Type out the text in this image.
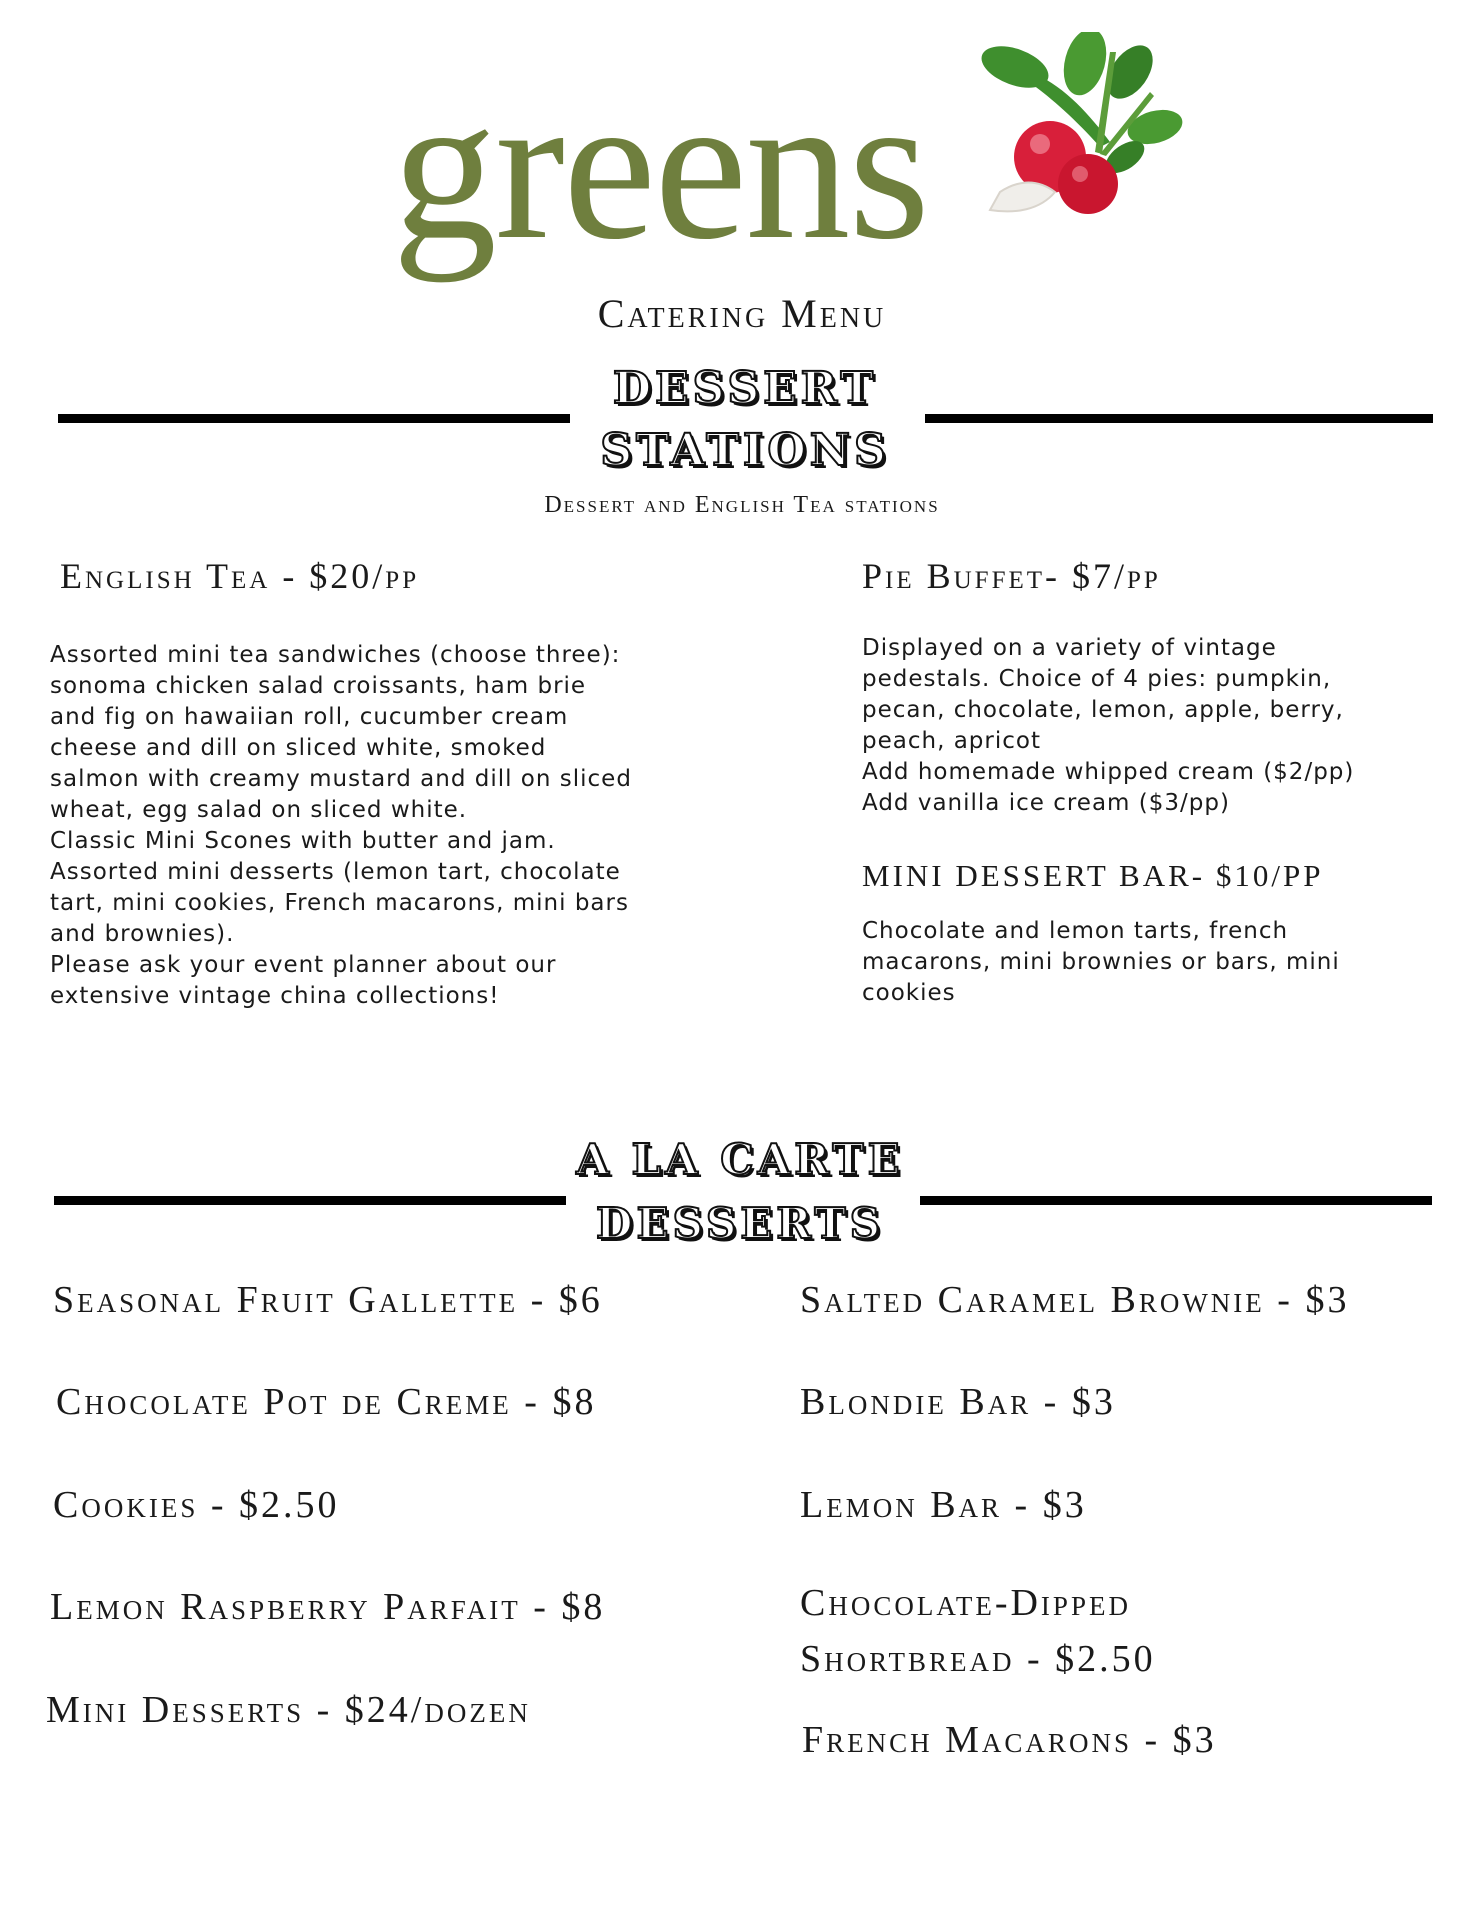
greens
Catering Menu
DESSERT
STATIONS
Dessert and English Tea stations
English Tea - $20/pp

Assorted mini tea sandwiches (choose three): sonoma chicken salad croissants, ham brie and fig on hawaiian roll, cucumber cream cheese and dill on sliced white, smoked salmon with creamy mustard and dill on sliced wheat, egg salad on sliced white.

Classic Mini Scones with butter and jam.

Assorted mini desserts (lemon tart, chocolate tart, mini cookies, French macarons, mini bars and brownies).

Please ask your event planner about our extensive vintage china collections!

Pie Buffet- $7/pp

Displayed on a variety of vintage pedestals. Choice of 4 pies: pumpkin, pecan, chocolate, lemon, apple, berry, peach, apricot

Add homemade whipped cream ($2/pp)

Add vanilla ice cream ($3/pp)

MINI DESSERT BAR- $10/PP

Chocolate and lemon tarts, french macarons, mini brownies or bars, mini cookies

A LA CARTE
DESSERTS
Seasonal Fruit Gallette - $6
Chocolate Pot de Creme - $8
Cookies - $2.50
Lemon Raspberry Parfait - $8
Mini Desserts - $24/dozen
Salted Caramel Brownie - $3
Blondie Bar - $3
Lemon Bar - $3
Chocolate-Dipped
Shortbread - $2.50
French Macarons - $3
